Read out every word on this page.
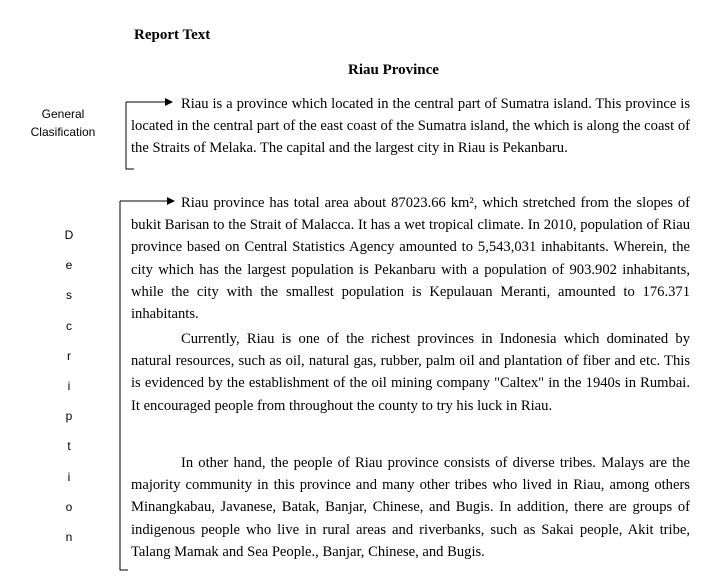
Report Text
Riau Province
General
Clasification
D
e
s
c
r
i
p
t
i
o
n

Riau is a province which located in the central part of Sumatra island. This province is located in the central part of the east coast of the Sumatra island, the which is along the coast of the Straits of Melaka. The capital and the largest city in Riau is Pekanbaru.

Riau province has total area about 87023.66 km², which stretched from the slopes of bukit Barisan to the Strait of Malacca. It has a wet tropical climate. In 2010, population of Riau province based on Central Statistics Agency amounted to 5,543,031 inhabitants. Wherein, the city which has the largest population is Pekanbaru with a population of 903.902 inhabitants, while the city with the smallest population is Kepulauan Meranti, amounted to 176.371 inhabitants.

Currently, Riau is one of the richest provinces in Indonesia which dominated by natural resources, such as oil, natural gas, rubber, palm oil and plantation of fiber and etc. This is evidenced by the establishment of the oil mining company "Caltex" in the 1940s in Rumbai. It encouraged people from throughout the county to try his luck in Riau.

In other hand, the people of Riau province consists of diverse tribes. Malays are the majority community in this province and many other tribes who lived in Riau, among others Minangkabau, Javanese, Batak, Banjar, Chinese, and Bugis. In addition, there are groups of indigenous people who live in rural areas and riverbanks, such as Sakai people, Akit tribe, Talang Mamak and Sea People., Banjar, Chinese, and Bugis.
